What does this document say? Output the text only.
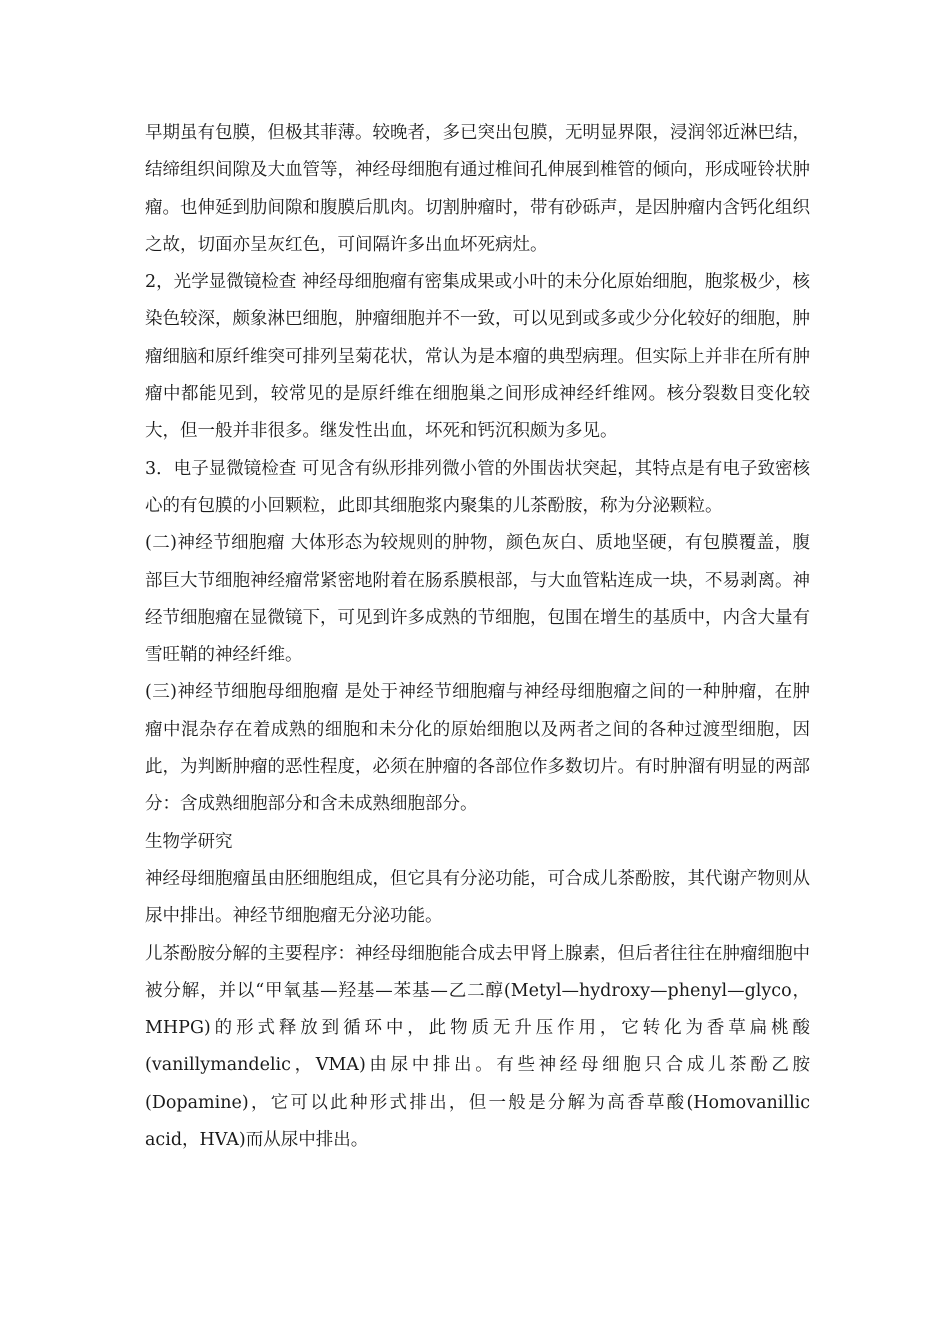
早期虽有包膜，但极其菲薄。较晚者，多已突出包膜，无明显界限，浸润邻近淋巴结，结缔组织间隙及大血管等，神经母细胞有通过椎间孔伸展到椎管的倾向，形成哑铃状肿瘤。也伸延到肋间隙和腹膜后肌肉。切割肿瘤时，带有砂砾声，是因肿瘤内含钙化组织之故，切面亦呈灰红色，可间隔许多出血坏死病灶。

2，光学显微镜检查 神经母细胞瘤有密集成果或小叶的未分化原始细胞，胞浆极少，核染色较深，颇象淋巴细胞，肿瘤细胞并不一致，可以见到或多或少分化较好的细胞，肿瘤细脑和原纤维突可排列呈菊花状，常认为是本瘤的典型病理。但实际上并非在所有肿瘤中都能见到，较常见的是原纤维在细胞巢之间形成神经纤维网。核分裂数目变化较大，但一般并非很多。继发性出血，坏死和钙沉积颇为多见。

3．电子显微镜检查 可见含有纵形排列微小管的外围齿状突起，其特点是有电子致密核心的有包膜的小回颗粒，此即其细胞浆内聚集的儿茶酚胺，称为分泌颗粒。

(二)神经节细胞瘤 大体形态为较规则的肿物，颜色灰白、质地坚硬，有包膜覆盖，腹部巨大节细胞神经瘤常紧密地附着在肠系膜根部，与大血管粘连成一块，不易剥离。神经节细胞瘤在显微镜下，可见到许多成熟的节细胞，包围在增生的基质中，内含大量有雪旺鞘的神经纤维。

(三)神经节细胞母细胞瘤 是处于神经节细胞瘤与神经母细胞瘤之间的一种肿瘤，在肿瘤中混杂存在着成熟的细胞和未分化的原始细胞以及两者之间的各种过渡型细胞，因此，为判断肿瘤的恶性程度，必须在肿瘤的各部位作多数切片。有时肿溜有明显的两部分：含成熟细胞部分和含未成熟细胞部分。

生物学研究

神经母细胞瘤虽由胚细胞组成，但它具有分泌功能，可合成儿茶酚胺，其代谢产物则从尿中排出。神经节细胞瘤无分泌功能。

儿茶酚胺分解的主要程序：神经母细胞能合成去甲肾上腺素，但后者往往在肿瘤细胞中被分解，并以“甲氧基—羟基—苯基—乙二醇(Metyl—hydroxy—phenyl—glyco，MHPG)的形式释放到循环中，此物质无升压作用，它转化为香草扁桃酸(vanillymandelic，VMA)由尿中排出。有些神经母细胞只合成儿茶酚乙胺(Dopamine)，它可以此种形式排出，但一般是分解为高香草酸(Homovanillic acid，HVA)而从尿中排出。
